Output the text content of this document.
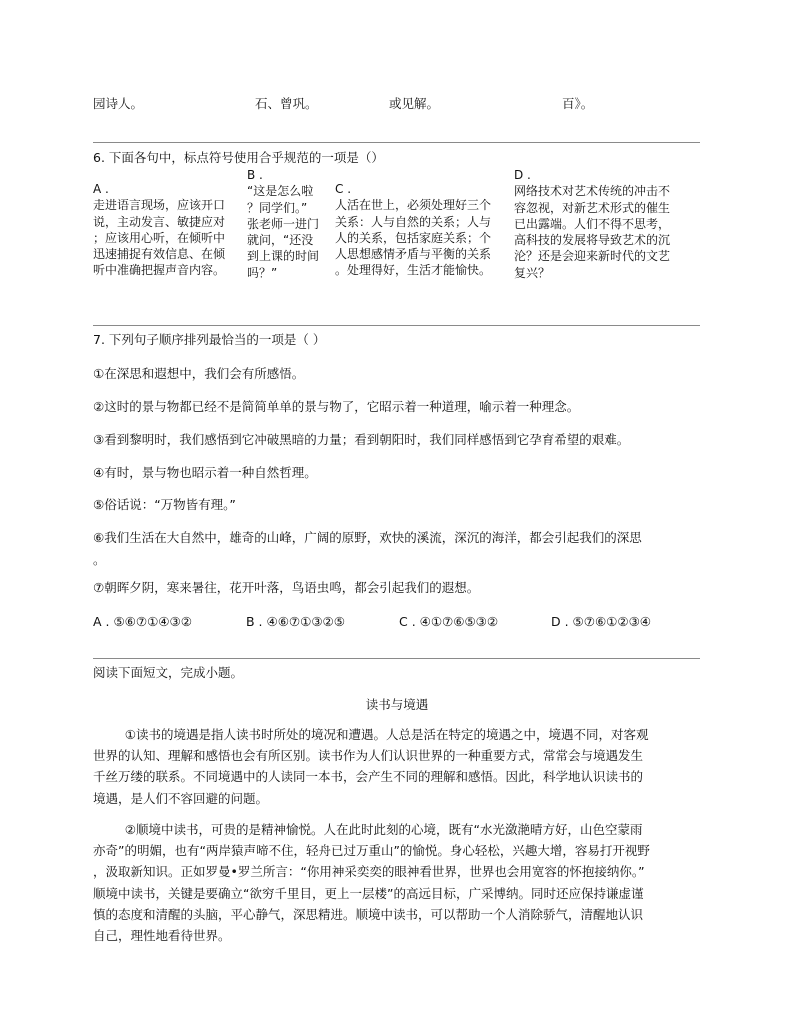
园诗人。	石、曾巩。	或见解。	百》。
6. 下面各句中，标点符号使用合乎规范的一项是（）
A .
走进语言现场，应该开口
说，主动发言、敏捷应对
；应该用心听，在倾听中
迅速捕捉有效信息、在倾
听中准确把握声音内容。
B .
“这是怎么啦
？同学们。”
张老师一进门
就问，“还没
到上课的时间
吗？”
C .
人活在世上，必须处理好三个
关系：人与自然的关系；人与
人的关系，包括家庭关系；个
人思想感情矛盾与平衡的关系
。处理得好，生活才能愉快。
D .
网络技术对艺术传统的冲击不
容忽视，对新艺术形式的催生
已出露端。人们不得不思考，
高科技的发展将导致艺术的沉
沦？还是会迎来新时代的文艺
复兴？
7. 下列句子顺序排列最恰当的一项是（ ）
①在深思和遐想中，我们会有所感悟。
②这时的景与物都已经不是简简单单的景与物了，它昭示着一种道理，喻示着一种理念。
③看到黎明时，我们感悟到它冲破黑暗的力量；看到朝阳时，我们同样感悟到它孕育希望的艰难。
④有时，景与物也昭示着一种自然哲理。
⑤俗话说：“万物皆有理。”
⑥我们生活在大自然中，雄奇的山峰，广阔的原野，欢快的溪流，深沉的海洋，都会引起我们的深思
。
⑦朝晖夕阴，寒来暑往，花开叶落，鸟语虫鸣，都会引起我们的遐想。
A . ⑤⑥⑦①④③②	B . ④⑥⑦①③②⑤	C . ④①⑦⑥⑤③②	D . ⑤⑦⑥①②③④
阅读下面短文，完成小题。
读书与境遇
①读书的境遇是指人读书时所处的境况和遭遇。人总是活在特定的境遇之中，境遇不同，对客观
世界的认知、理解和感悟也会有所区别。读书作为人们认识世界的一种重要方式，常常会与境遇发生
千丝万缕的联系。不同境遇中的人读同一本书，会产生不同的理解和感悟。因此，科学地认识读书的
境遇，是人们不容回避的问题。
②顺境中读书，可贵的是精神愉悦。人在此时此刻的心境，既有“水光潋滟晴方好，山色空蒙雨
亦奇”的明媚，也有“两岸猿声啼不住，轻舟已过万重山”的愉悦。身心轻松，兴趣大增，容易打开视野
，汲取新知识。正如罗曼•罗兰所言：“你用神采奕奕的眼神看世界，世界也会用宽容的怀抱接纳你。”
顺境中读书，关键是要确立“欲穷千里目，更上一层楼”的高远目标，广采博纳。同时还应保持谦虚谨
慎的态度和清醒的头脑，平心静气，深思精进。顺境中读书，可以帮助一个人消除骄气，清醒地认识
自己，理性地看待世界。
